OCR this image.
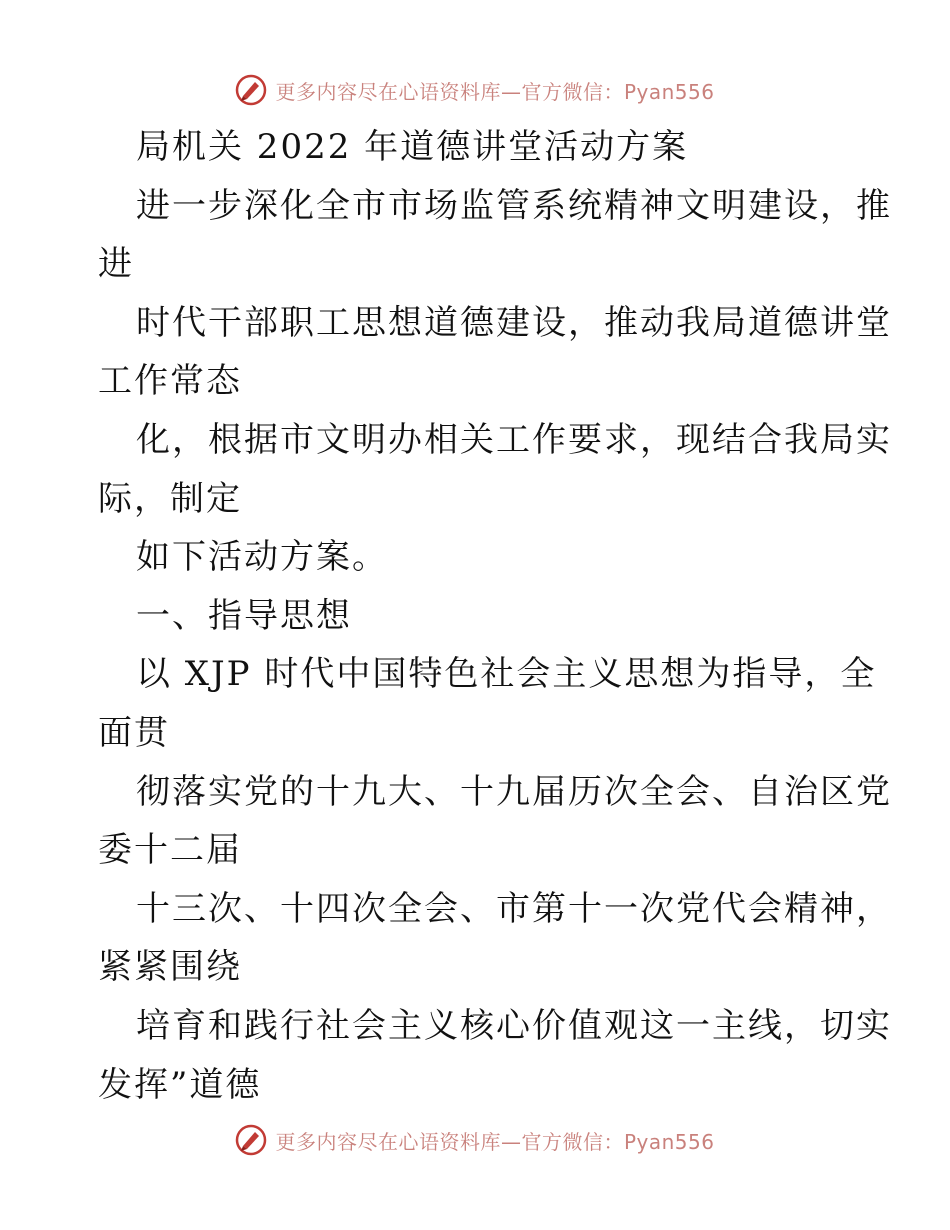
更多内容尽在心语资料库—官方微信：Pyan556
局机关 2022 年道德讲堂活动方案
进一步深化全市市场监管系统精神文明建设，推
进
时代干部职工思想道德建设，推动我局道德讲堂
工作常态
化，根据市文明办相关工作要求，现结合我局实
际，制定
如下活动方案。
一、指导思想
以 XJP 时代中国特色社会主义思想为指导，全
面贯
彻落实党的十九大、十九届历次全会、自治区党
委十二届
十三次、十四次全会、市第十一次党代会精神，
紧紧围绕
培育和践行社会主义核心价值观这一主线，切实
发挥”道德
更多内容尽在心语资料库—官方微信：Pyan556
